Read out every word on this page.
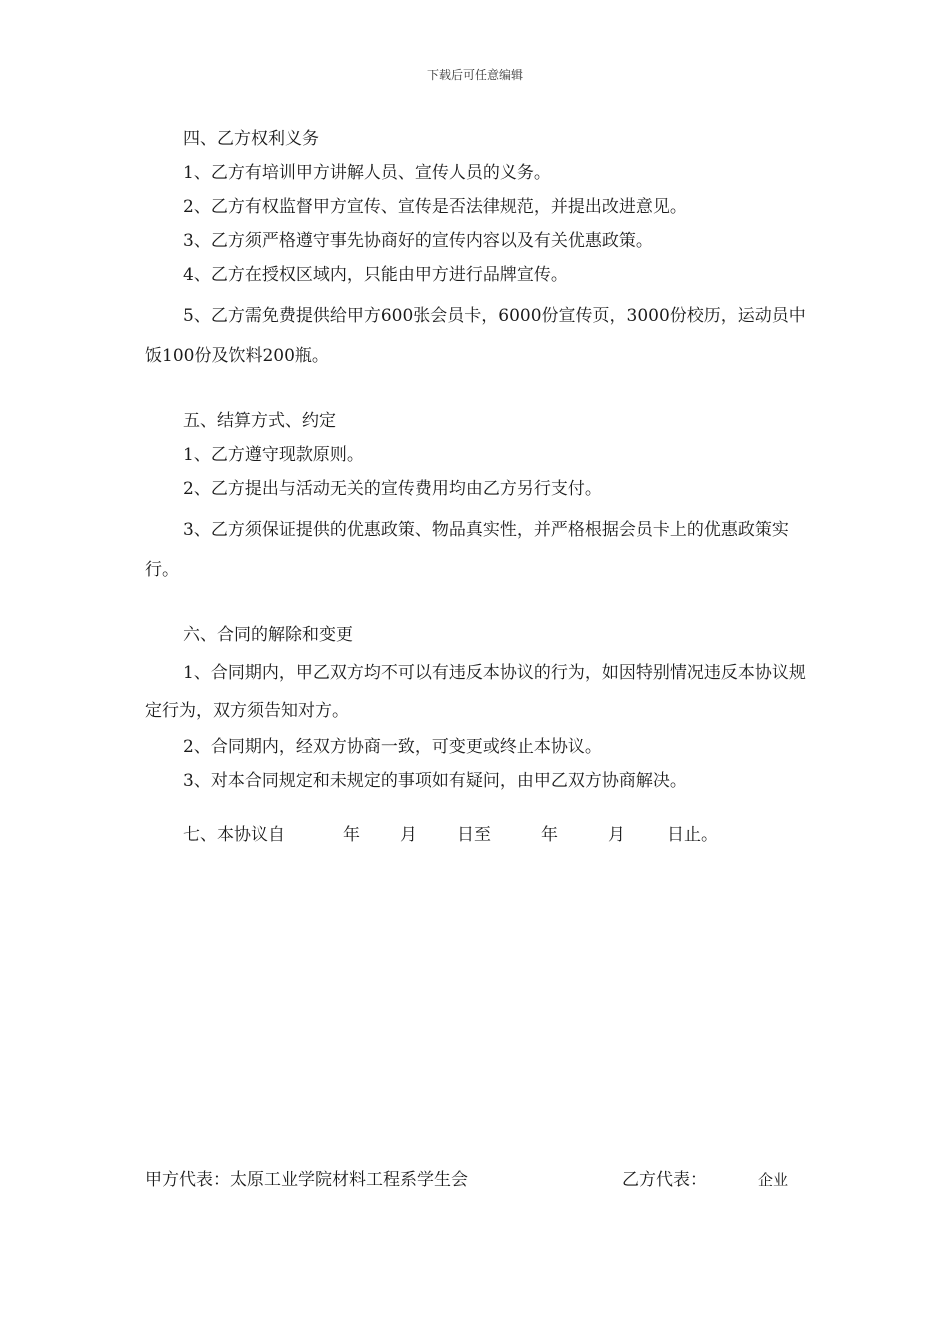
下载后可任意编辑

四、乙方权利义务

1、乙方有培训甲方讲解人员、宣传人员的义务。

2、乙方有权监督甲方宣传、宣传是否法律规范，并提出改进意见。

3、乙方须严格遵守事先协商好的宣传内容以及有关优惠政策。

4、乙方在授权区域内，只能由甲方进行品牌宣传。

5、乙方需免费提供给甲方600张会员卡，6000份宣传页，3000份校历，运动员中饭100份及饮料200瓶。

五、结算方式、约定

1、乙方遵守现款原则。

2、乙方提出与活动无关的宣传费用均由乙方另行支付。

3、乙方须保证提供的优惠政策、物品真实性，并严格根据会员卡上的优惠政策实行。

六、合同的解除和变更

1、合同期内，甲乙双方均不可以有违反本协议的行为，如因特别情况违反本协议规定行为，双方须告知对方。

2、合同期内，经双方协商一致，可变更或终止本协议。

3、对本合同规定和未规定的事项如有疑问，由甲乙双方协商解决。

七、本协议自	年 月 日至	年	月 日止。
甲方代表：太原工业学院材料工程系学生会	乙方代表：	企业
